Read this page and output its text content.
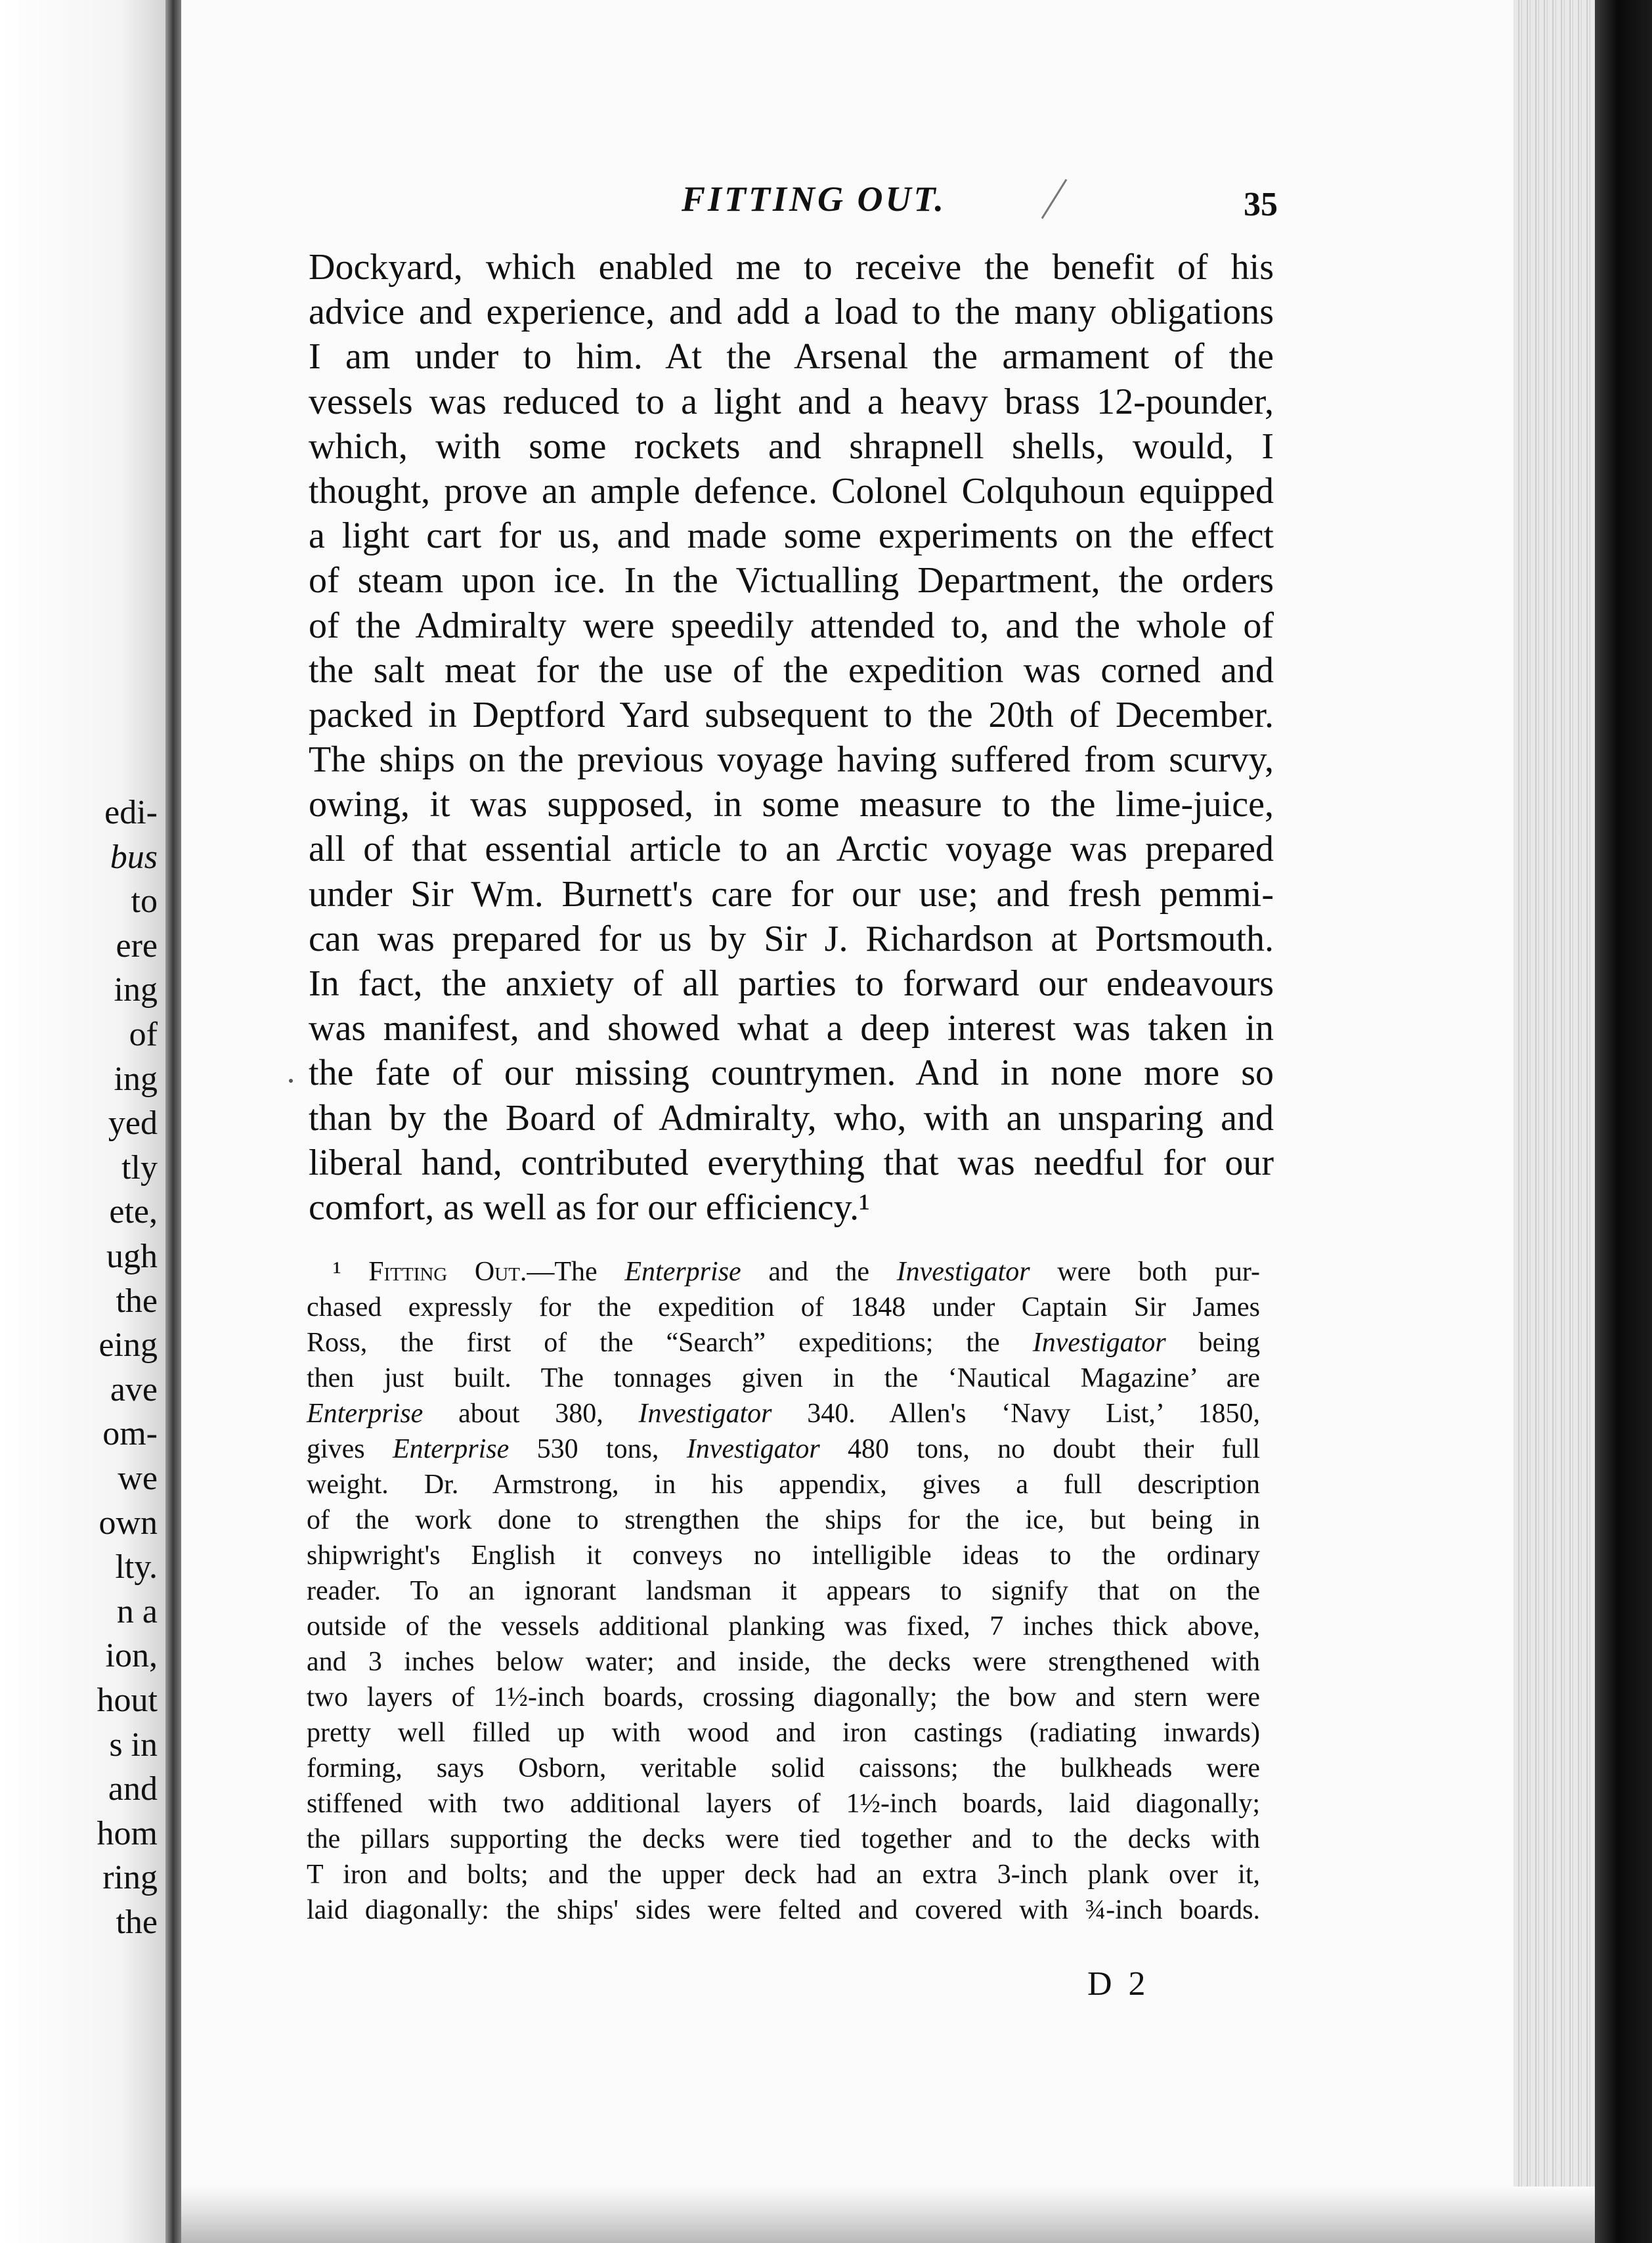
edi-
bus
to
ere
ing
of
ing
yed
tly
ete,
ugh
the
eing
ave
om-
we
own
lty.
n a
ion,
hout
s in
and
hom
ring
the
FITTING OUT.	35
Dockyard, which enabled me to receive the benefit of his
advice and experience, and add a load to the many obligations
I am under to him. At the Arsenal the armament of the
vessels was reduced to a light and a heavy brass 12-pounder,
which, with some rockets and shrapnell shells, would, I
thought, prove an ample defence. Colonel Colquhoun equipped
a light cart for us, and made some experiments on the effect
of steam upon ice. In the Victualling Department, the orders
of the Admiralty were speedily attended to, and the whole of
the salt meat for the use of the expedition was corned and
packed in Deptford Yard subsequent to the 20th of December.
The ships on the previous voyage having suffered from scurvy,
owing, it was supposed, in some measure to the lime-juice,
all of that essential article to an Arctic voyage was prepared
under Sir Wm. Burnett's care for our use; and fresh pemmi-
can was prepared for us by Sir J. Richardson at Portsmouth.
In fact, the anxiety of all parties to forward our endeavours
was manifest, and showed what a deep interest was taken in
the fate of our missing countrymen. And in none more so
than by the Board of Admiralty, who, with an unsparing and
liberal hand, contributed everything that was needful for our
comfort, as well as for our efficiency.¹
¹ Fitting Out.—The Enterprise and the Investigator were both pur-
chased expressly for the expedition of 1848 under Captain Sir James
Ross, the first of the “Search” expeditions; the Investigator being
then just built. The tonnages given in the ‘Nautical Magazine’ are
Enterprise about 380, Investigator 340. Allen's ‘Navy List,’ 1850,
gives Enterprise 530 tons, Investigator 480 tons, no doubt their full
weight. Dr. Armstrong, in his appendix, gives a full description
of the work done to strengthen the ships for the ice, but being in
shipwright's English it conveys no intelligible ideas to the ordinary
reader. To an ignorant landsman it appears to signify that on the
outside of the vessels additional planking was fixed, 7 inches thick above,
and 3 inches below water; and inside, the decks were strengthened with
two layers of 1½-inch boards, crossing diagonally; the bow and stern were
pretty well filled up with wood and iron castings (radiating inwards)
forming, says Osborn, veritable solid caissons; the bulkheads were
stiffened with two additional layers of 1½-inch boards, laid diagonally;
the pillars supporting the decks were tied together and to the decks with
T iron and bolts; and the upper deck had an extra 3-inch plank over it,
laid diagonally: the ships' sides were felted and covered with ¾-inch boards.
D 2
